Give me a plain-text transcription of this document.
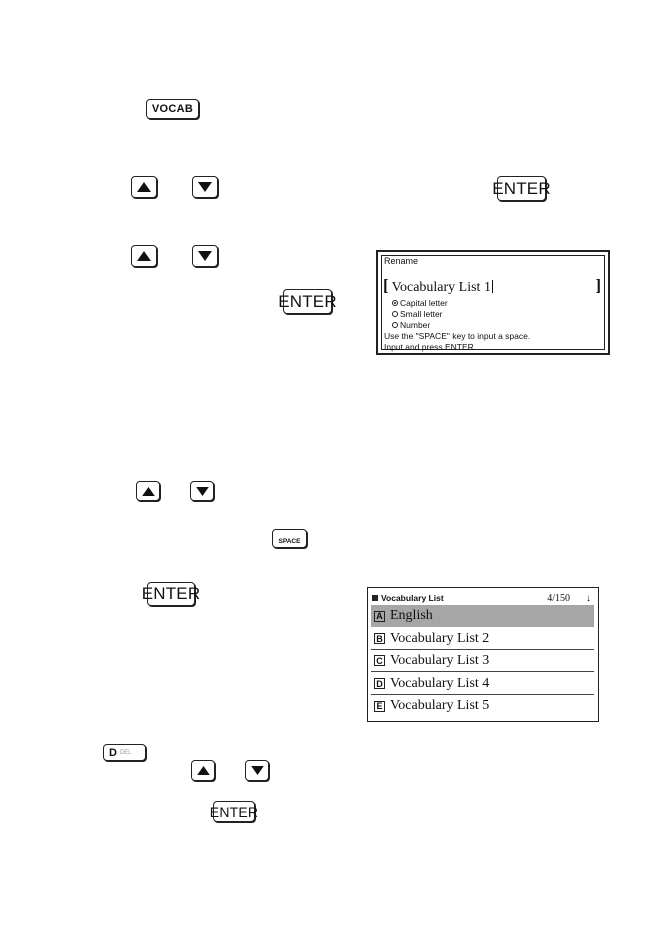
VOCAB
ENTER
ENTER
Rename
[ Vocabulary List 1	]
Capital letter
Small letter
Number
Use the "SPACE" key to input a space.
Input and press ENTER.
SPACE
ENTER	Vocabulary List	4/150 ↓
A English
B Vocabulary List 2
C Vocabulary List 3
D Vocabulary List 4
E Vocabulary List 5
D DEL
ENTER
